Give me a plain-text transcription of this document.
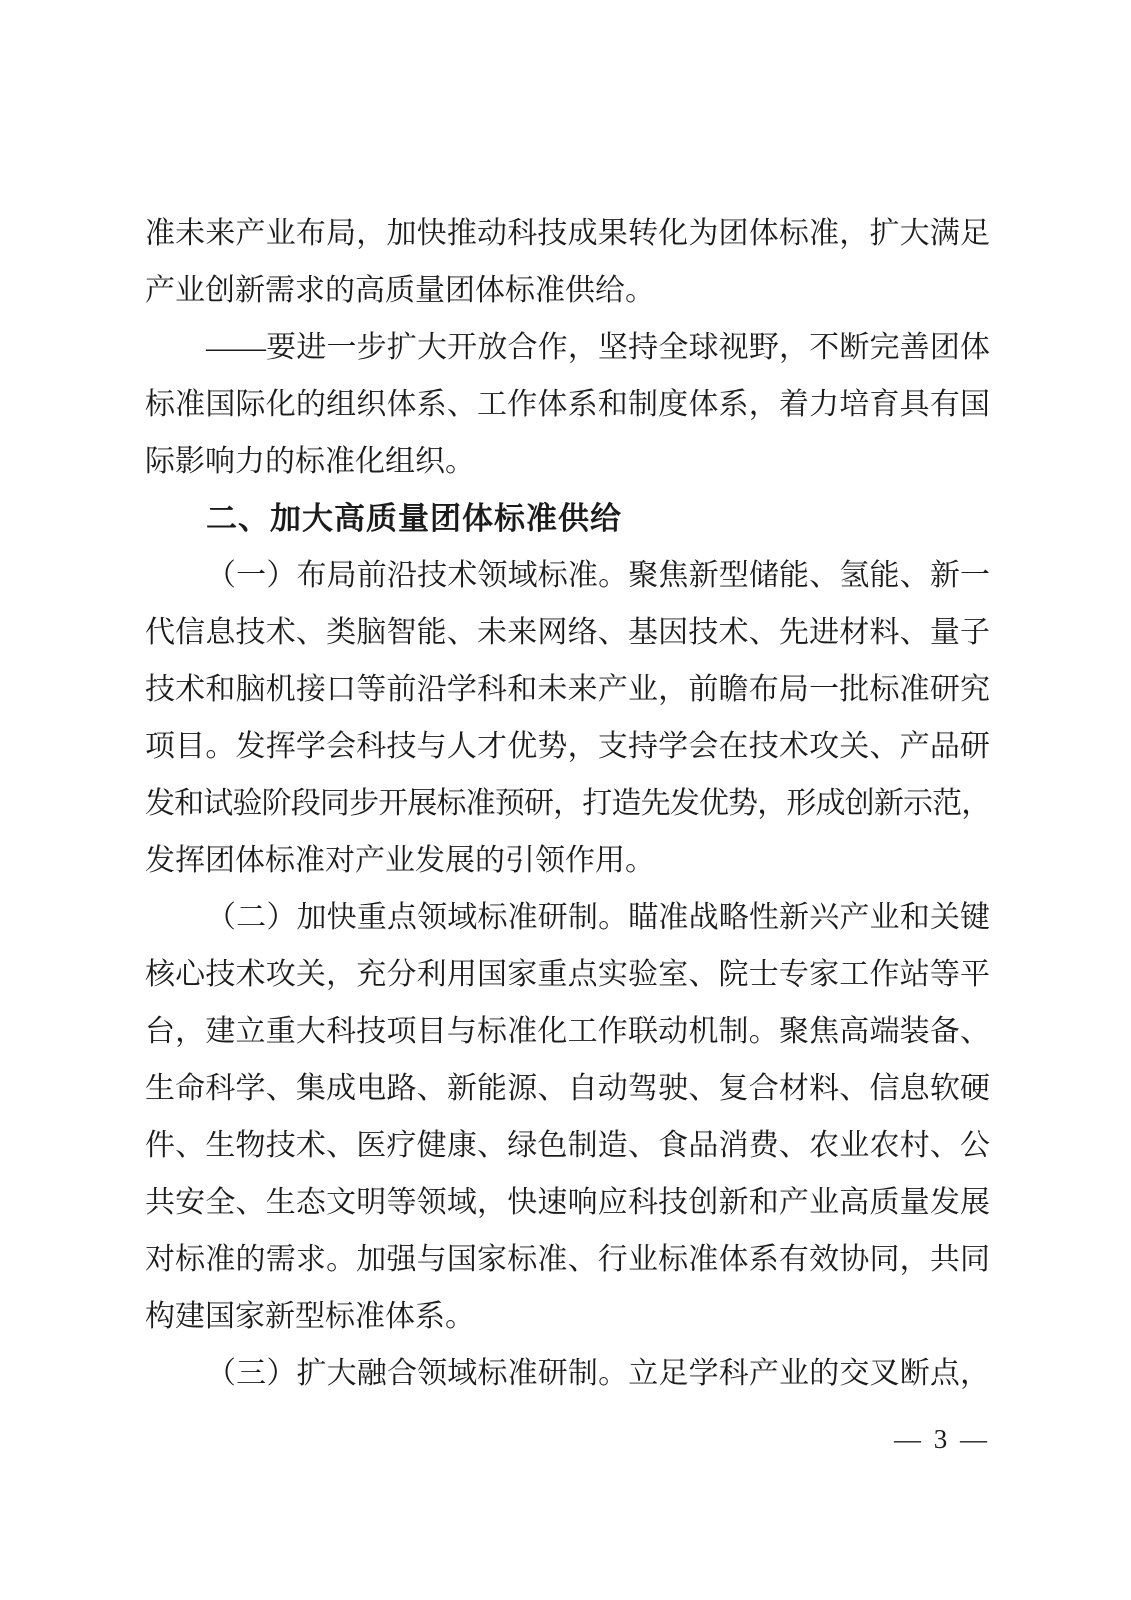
准未来产业布局，加快推动科技成果转化为团体标准，扩大满足
产业创新需求的高质量团体标准供给。
——要进一步扩大开放合作，坚持全球视野，不断完善团体
标准国际化的组织体系、工作体系和制度体系，着力培育具有国
际影响力的标准化组织。
二、加大高质量团体标准供给
（一）布局前沿技术领域标准。聚焦新型储能、氢能、新一
代信息技术、类脑智能、未来网络、基因技术、先进材料、量子
技术和脑机接口等前沿学科和未来产业，前瞻布局一批标准研究
项目。发挥学会科技与人才优势，支持学会在技术攻关、产品研
发和试验阶段同步开展标准预研，打造先发优势，形成创新示范，
发挥团体标准对产业发展的引领作用。
（二）加快重点领域标准研制。瞄准战略性新兴产业和关键
核心技术攻关，充分利用国家重点实验室、院士专家工作站等平
台，建立重大科技项目与标准化工作联动机制。聚焦高端装备、
生命科学、集成电路、新能源、自动驾驶、复合材料、信息软硬
件、生物技术、医疗健康、绿色制造、食品消费、农业农村、公
共安全、生态文明等领域，快速响应科技创新和产业高质量发展
对标准的需求。加强与国家标准、行业标准体系有效协同，共同
构建国家新型标准体系。
（三）扩大融合领域标准研制。立足学科产业的交叉断点，
— 3 —
